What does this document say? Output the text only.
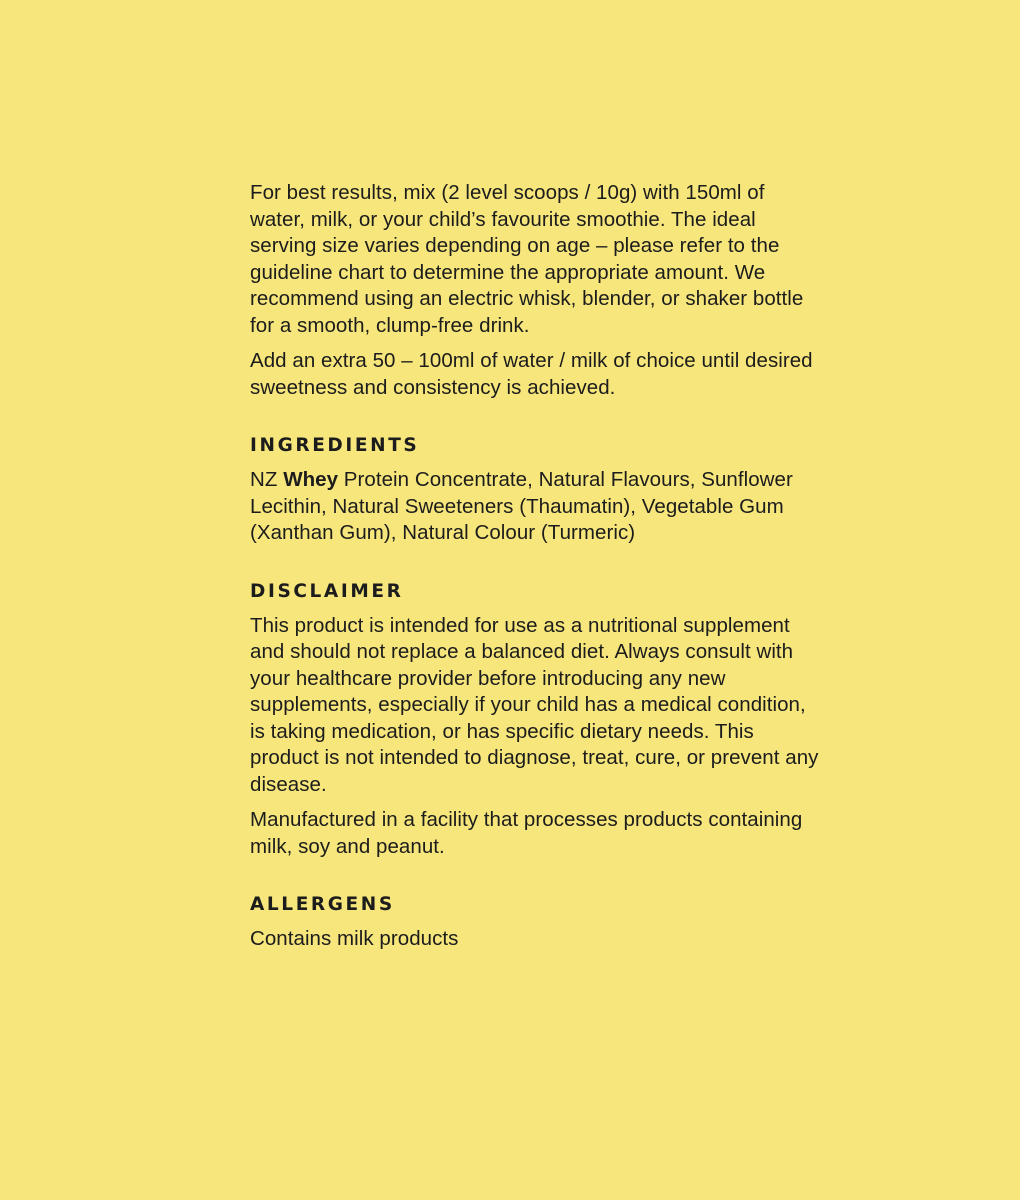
For best results, mix (2 level scoops / 10g) with 150ml of water, milk, or your child’s favourite smoothie. The ideal serving size varies depending on age – please refer to the guideline chart to determine the appropriate amount. We recommend using an electric whisk, blender, or shaker bottle for a smooth, clump-free drink.

Add an extra 50 – 100ml of water / milk of choice until desired sweetness and consistency is achieved.

INGREDIENTS

NZ Whey Protein Concentrate, Natural Flavours, Sunflower Lecithin, Natural Sweeteners (Thaumatin), Vegetable Gum (Xanthan Gum), Natural Colour (Turmeric)

DISCLAIMER

This product is intended for use as a nutritional supplement and should not replace a balanced diet. Always consult with your healthcare provider before introducing any new supplements, especially if your child has a medical condition, is taking medication, or has specific dietary needs. This product is not intended to diagnose, treat, cure, or prevent any disease.

Manufactured in a facility that processes products containing milk, soy and peanut.

ALLERGENS

Contains milk products
